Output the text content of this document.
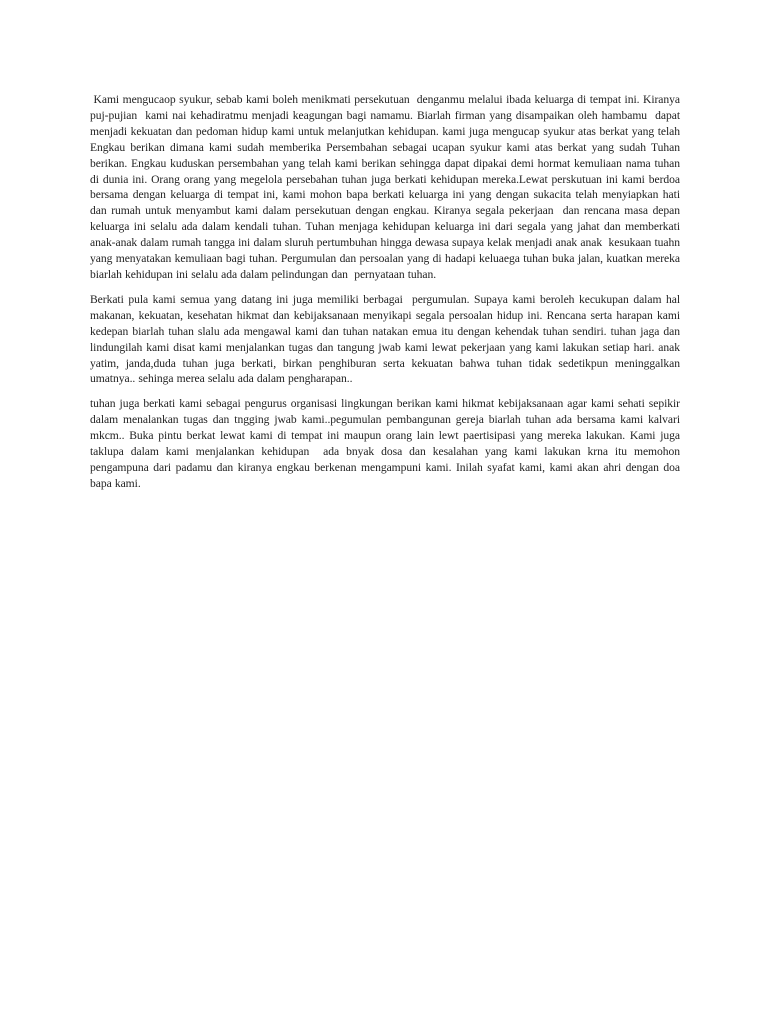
Kami mengucaop syukur, sebab kami boleh menikmati persekutuan  denganmu melalui ibada keluarga di tempat ini. Kiranya puj-pujian  kami nai kehadiratmu menjadi keagungan bagi namamu. Biarlah firman yang disampaikan oleh hambamu  dapat menjadi kekuatan dan pedoman hidup kami untuk melanjutkan kehidupan. kami juga mengucap syukur atas berkat yang telah Engkau berikan dimana kami sudah memberika Persembahan sebagai ucapan syukur kami atas berkat yang sudah Tuhan berikan. Engkau kuduskan persembahan yang telah kami berikan sehingga dapat dipakai demi hormat kemuliaan nama tuhan  di dunia ini. Orang orang yang megelola persebahan tuhan juga berkati kehidupan mereka.Lewat perskutuan ini kami berdoa bersama dengan keluarga di tempat ini, kami mohon bapa berkati keluarga ini yang dengan sukacita telah menyiapkan hati  dan rumah untuk menyambut kami dalam persekutuan dengan engkau. Kiranya segala pekerjaan  dan rencana masa depan keluarga ini selalu ada dalam kendali tuhan. Tuhan menjaga kehidupan keluarga ini dari segala yang jahat dan memberkati anak-anak dalam rumah tangga ini dalam sluruh pertumbuhan hingga dewasa supaya kelak menjadi anak anak  kesukaan tuahn yang menyatakan kemuliaan bagi tuhan. Pergumulan dan persoalan yang di hadapi keluaega tuhan buka jalan, kuatkan mereka biarlah kehidupan ini selalu ada dalam pelindungan dan  pernyataan tuhan.

Berkati pula kami semua yang datang ini juga memiliki berbagai  pergumulan. Supaya kami beroleh kecukupan dalam hal makanan, kekuatan, kesehatan hikmat dan kebijaksanaan menyikapi segala persoalan hidup ini. Rencana serta harapan kami kedepan biarlah tuhan slalu ada mengawal kami dan tuhan natakan emua itu dengan kehendak tuhan sendiri. tuhan jaga dan lindungilah kami disat kami menjalankan tugas dan tangung jwab kami lewat pekerjaan yang kami lakukan setiap hari. anak yatim, janda,duda tuhan juga berkati, birkan penghiburan serta kekuatan bahwa tuhan tidak sedetikpun meninggalkan umatnya.. sehinga merea selalu ada dalam pengharapan..

tuhan juga berkati kami sebagai pengurus organisasi lingkungan berikan kami hikmat kebijaksanaan agar kami sehati sepikir dalam menalankan tugas dan tngging jwab kami..pegumulan pembangunan gereja biarlah tuhan ada bersama kami kalvari mkcm.. Buka pintu berkat lewat kami di tempat ini maupun orang lain lewt paertisipasi yang mereka lakukan. Kami juga taklupa dalam kami menjalankan kehidupan  ada bnyak dosa dan kesalahan yang kami lakukan krna itu memohon pengampuna dari padamu dan kiranya engkau berkenan mengampuni kami. Inilah syafat kami, kami akan ahri dengan doa bapa kami.
